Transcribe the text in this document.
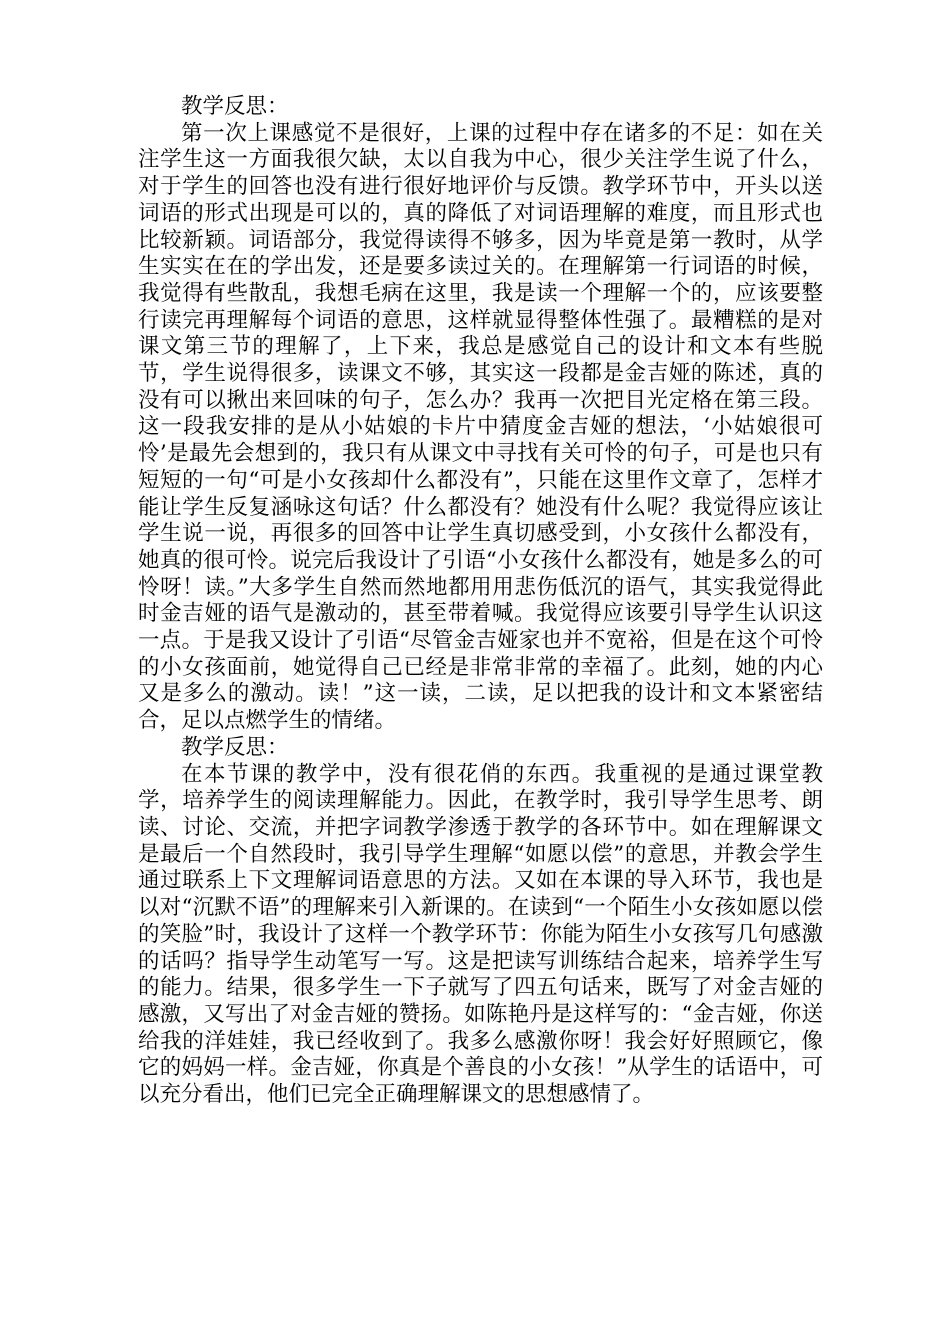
教学反思：

第一次上课感觉不是很好，上课的过程中存在诸多的不足：如在关注学生这一方面我很欠缺，太以自我为中心，很少关注学生说了什么，对于学生的回答也没有进行很好地评价与反馈。教学环节中，开头以送词语的形式出现是可以的，真的降低了对词语理解的难度，而且形式也比较新颖。词语部分，我觉得读得不够多，因为毕竟是第一教时，从学生实实在在的学出发，还是要多读过关的。在理解第一行词语的时候，我觉得有些散乱，我想毛病在这里，我是读一个理解一个的，应该要整行读完再理解每个词语的意思，这样就显得整体性强了。最糟糕的是对课文第三节的理解了，上下来，我总是感觉自己的设计和文本有些脱节，学生说得很多，读课文不够，其实这一段都是金吉娅的陈述，真的没有可以揪出来回味的句子，怎么办？我再一次把目光定格在第三段。这一段我安排的是从小姑娘的卡片中猜度金吉娅的想法，‘小姑娘很可怜’是最先会想到的，我只有从课文中寻找有关可怜的句子，可是也只有短短的一句“可是小女孩却什么都没有”，只能在这里作文章了，怎样才能让学生反复涵咏这句话？什么都没有？她没有什么呢？我觉得应该让学生说一说，再很多的回答中让学生真切感受到，小女孩什么都没有，她真的很可怜。说完后我设计了引语“小女孩什么都没有，她是多么的可怜呀！读。”大多学生自然而然地都用用悲伤低沉的语气，其实我觉得此时金吉娅的语气是激动的，甚至带着喊。我觉得应该要引导学生认识这一点。于是我又设计了引语“尽管金吉娅家也并不宽裕，但是在这个可怜的小女孩面前，她觉得自己已经是非常非常的幸福了。此刻，她的内心又是多么的激动。读！”这一读，二读，足以把我的设计和文本紧密结合，足以点燃学生的情绪。

教学反思：

在本节课的教学中，没有很花俏的东西。我重视的是通过课堂教学，培养学生的阅读理解能力。因此，在教学时，我引导学生思考、朗读、讨论、交流，并把字词教学渗透于教学的各环节中。如在理解课文是最后一个自然段时，我引导学生理解“如愿以偿”的意思，并教会学生通过联系上下文理解词语意思的方法。又如在本课的导入环节，我也是以对“沉默不语”的理解来引入新课的。在读到“一个陌生小女孩如愿以偿的笑脸”时，我设计了这样一个教学环节：你能为陌生小女孩写几句感激的话吗？指导学生动笔写一写。这是把读写训练结合起来，培养学生写的能力。结果，很多学生一下子就写了四五句话来，既写了对金吉娅的感激，又写出了对金吉娅的赞扬。如陈艳丹是这样写的：“金吉娅，你送给我的洋娃娃，我已经收到了。我多么感激你呀！我会好好照顾它，像它的妈妈一样。金吉娅，你真是个善良的小女孩！”从学生的话语中，可以充分看出，他们已完全正确理解课文的思想感情了。
